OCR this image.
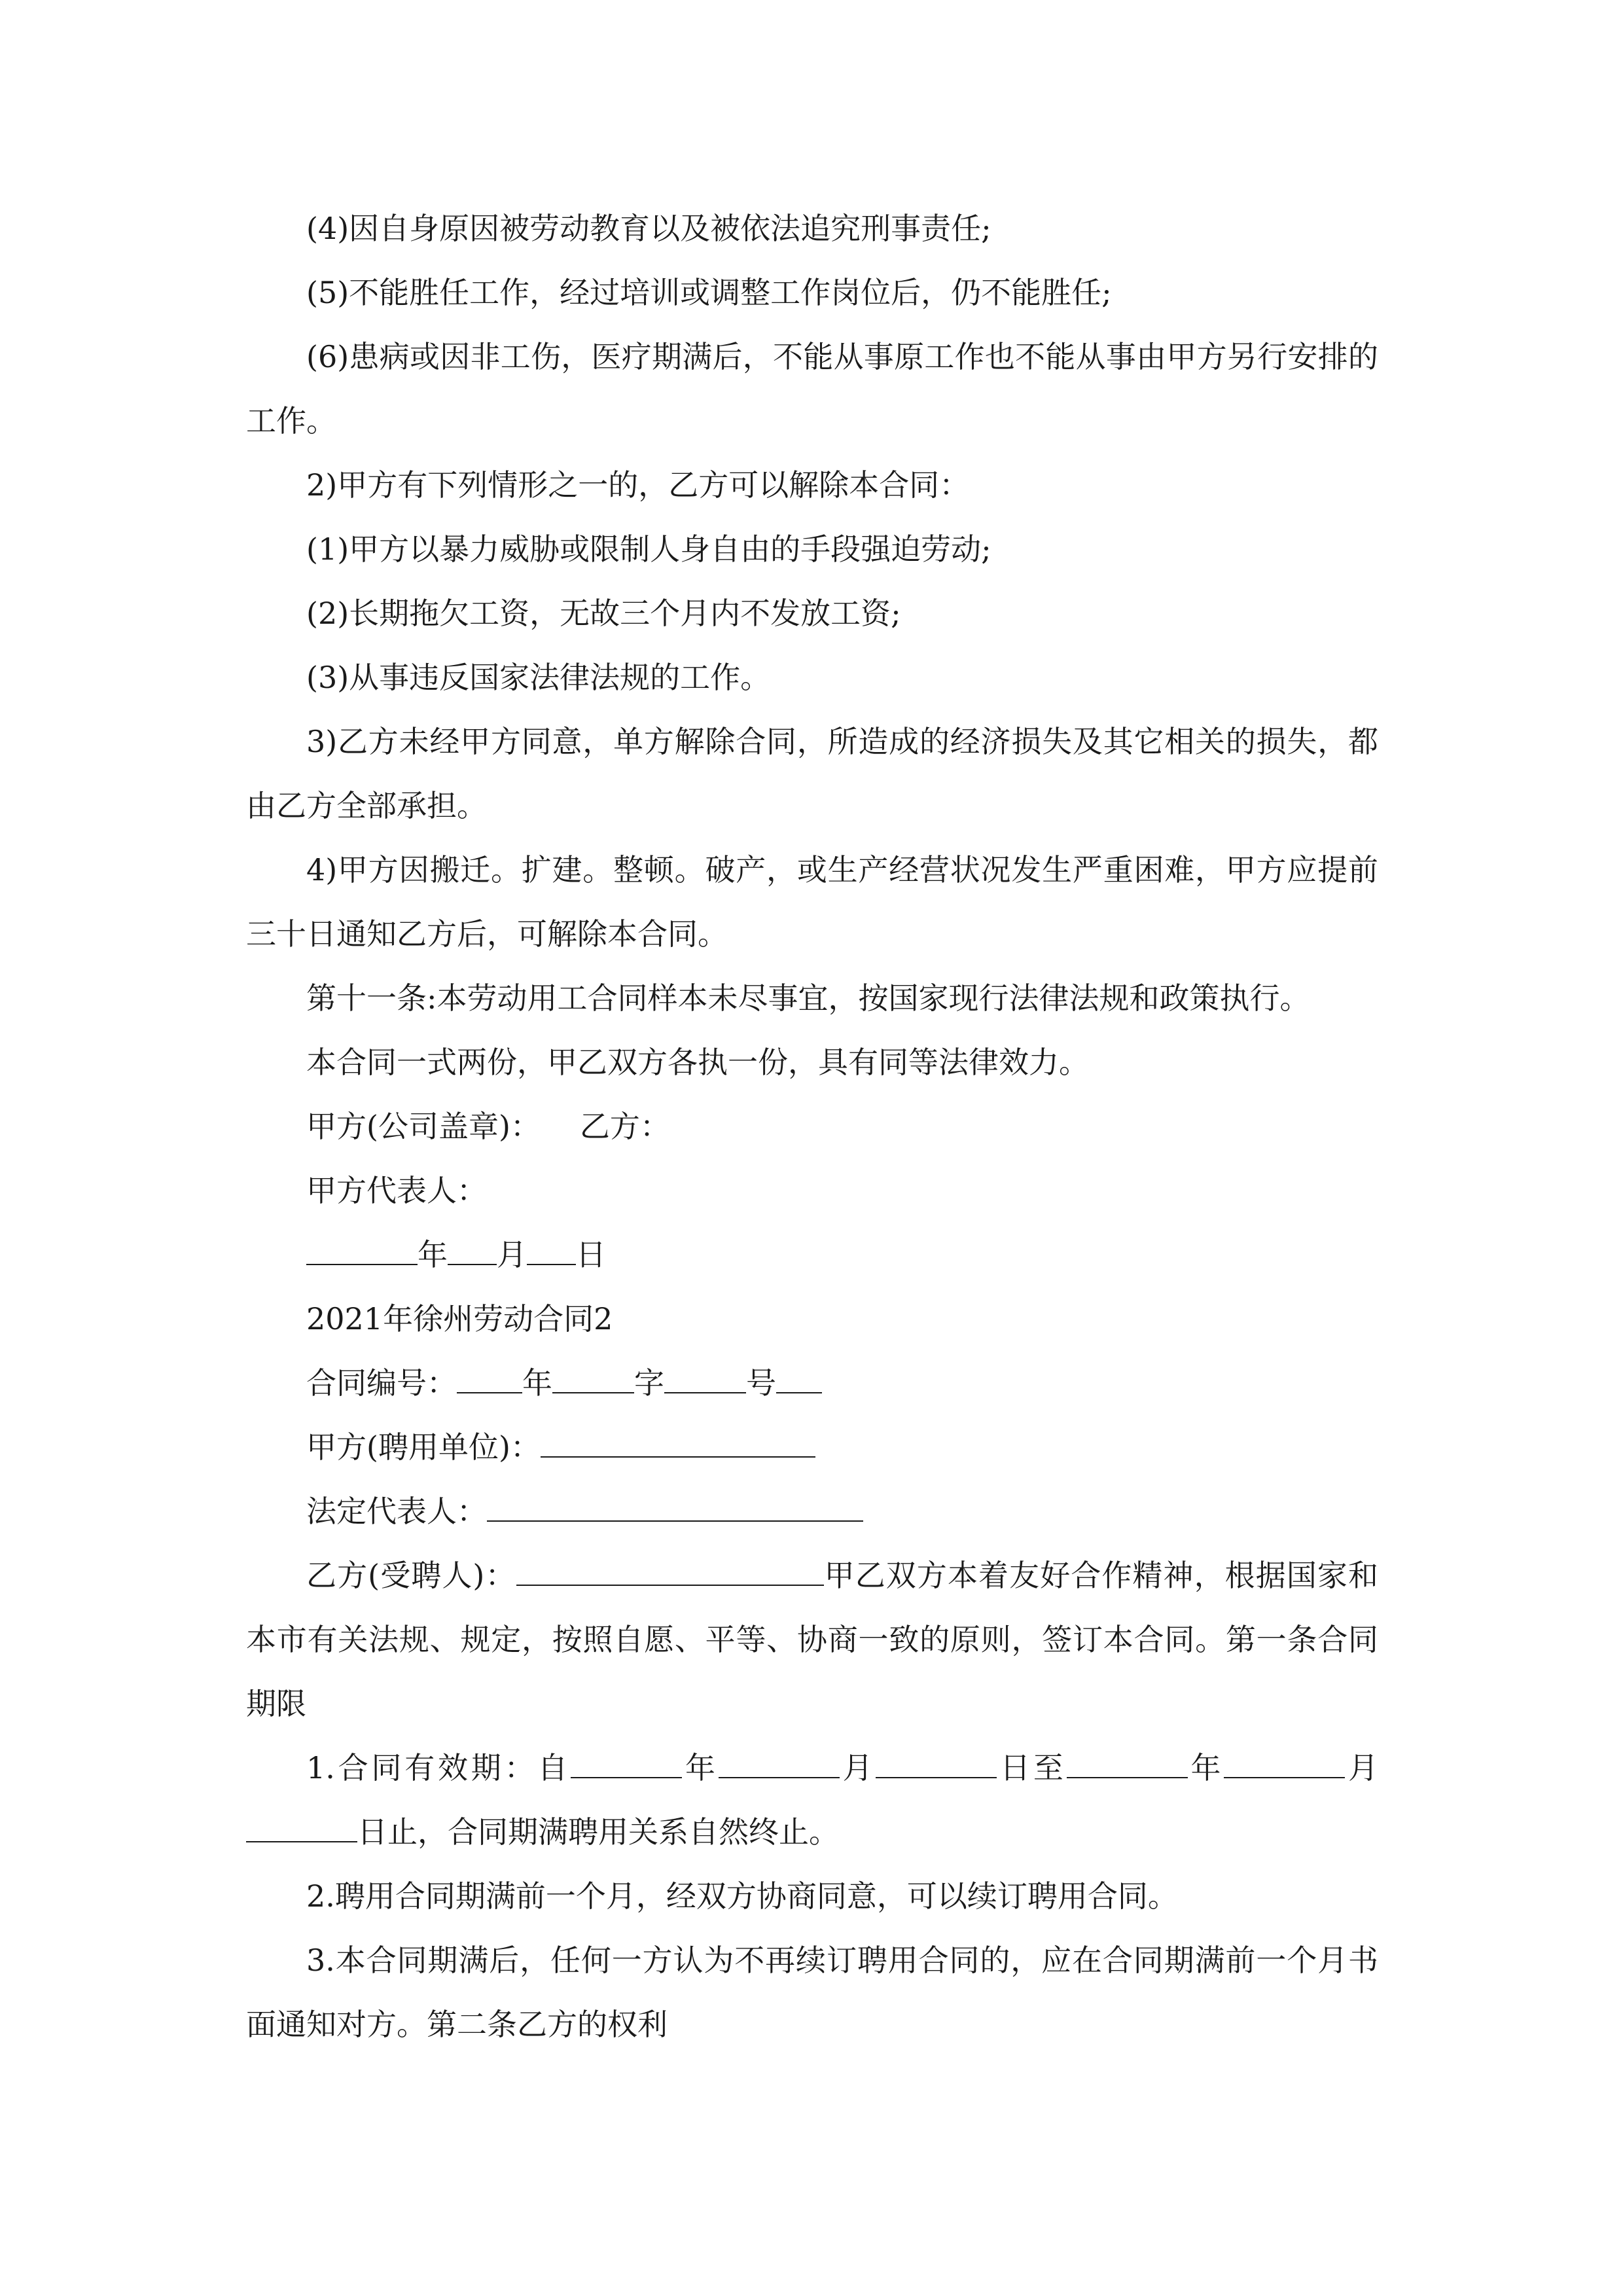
(4)因自身原因被劳动教育以及被依法追究刑事责任;

(5)不能胜任工作，经过培训或调整工作岗位后，仍不能胜任;

(6)患病或因非工伤，医疗期满后，不能从事原工作也不能从事由甲方另行安排的工作。

2)甲方有下列情形之一的，乙方可以解除本合同：

(1)甲方以暴力威胁或限制人身自由的手段强迫劳动;

(2)长期拖欠工资，无故三个月内不发放工资;

(3)从事违反国家法律法规的工作。

3)乙方未经甲方同意，单方解除合同，所造成的经济损失及其它相关的损失，都由乙方全部承担。

4)甲方因搬迁。扩建。整顿。破产，或生产经营状况发生严重困难，甲方应提前三十日通知乙方后，可解除本合同。

第十一条:本劳动用工合同样本未尽事宜，按国家现行法律法规和政策执行。

本合同一式两份，甲乙双方各执一份，具有同等法律效力。

甲方(公司盖章)： 乙方：

甲方代表人：

年 月 日

2021年徐州劳动合同2

合同编号： 年	字	号

甲方(聘用单位)：

法定代表人：

乙方(受聘人)：	甲乙双方本着友好合作精神，根据国家和本市有关法规、规定，按照自愿、平等、协商一致的原则，签订本合同。第一条合同期限

1.合同有效期：自	年	月	日至	年	月日止，合同期满聘用关系自然终止。

2.聘用合同期满前一个月，经双方协商同意，可以续订聘用合同。

3.本合同期满后，任何一方认为不再续订聘用合同的，应在合同期满前一个月书面通知对方。第二条乙方的权利
